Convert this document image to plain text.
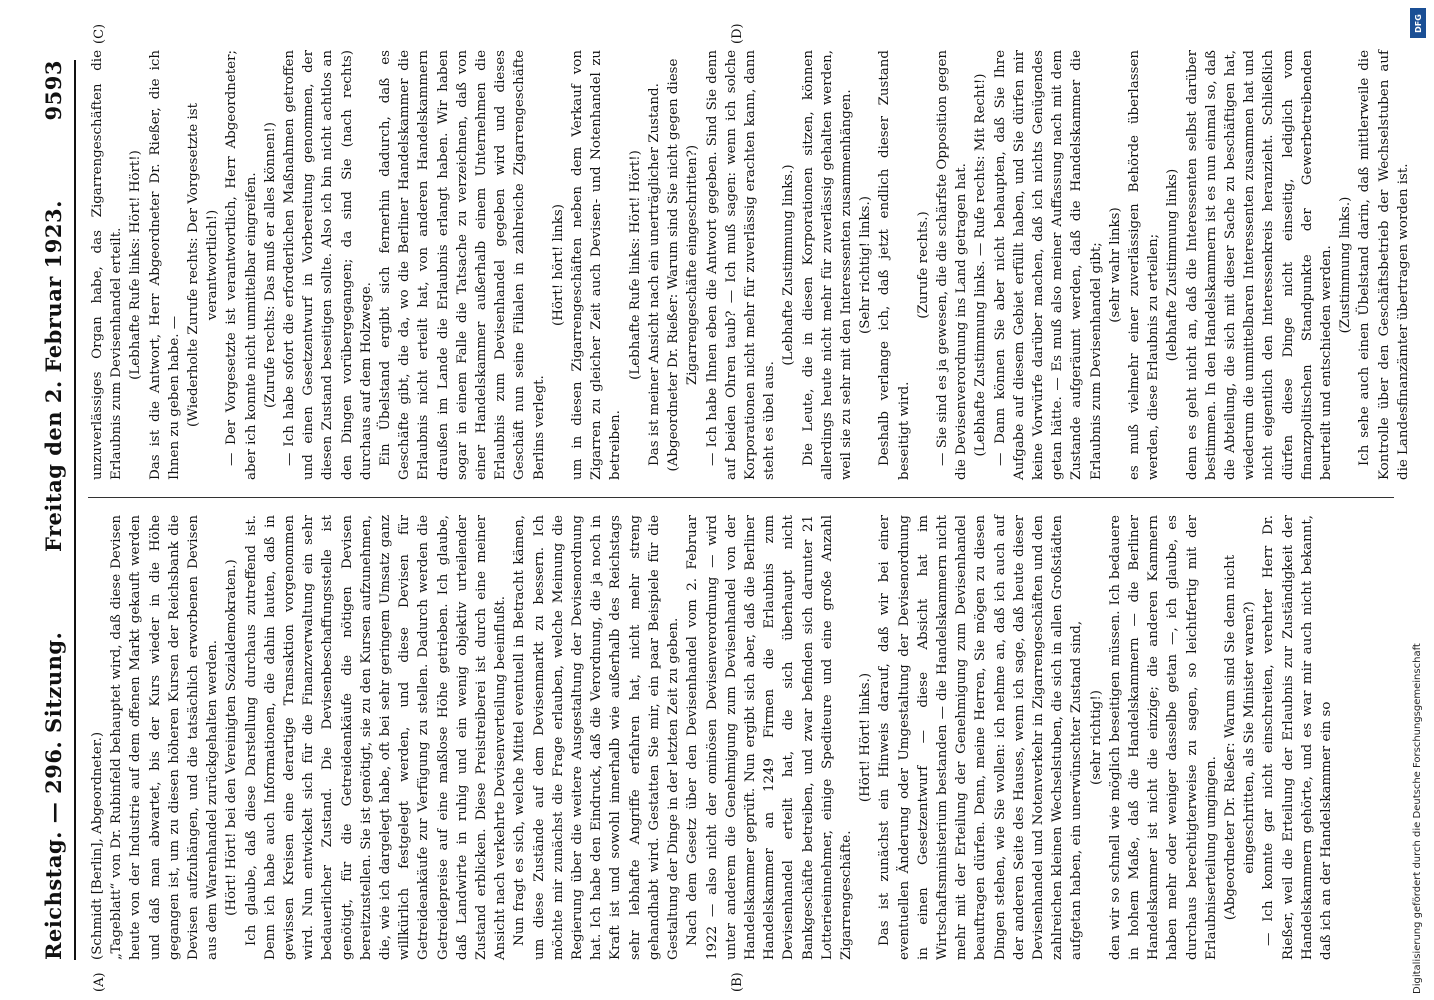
Reichstag. — 296. Sitzung.
Freitag den 2. Februar 1923.
9593
(A)	(B)
(C)	(D)

(Schmidt [Berlin], Abgeordneter.) „Tageblatt“ von Dr. Rubinfeld behauptet wird, daß diese Devisen heute von der Industrie auf dem offenen Markt gekauft werden und daß man abwartet, bis der Kurs wieder in die Höhe gegangen ist, um zu diesen höheren Kursen der Reichsbank die Devisen aufzuhängen, und die tatsächlich erworbenen Devisen aus dem Warenhandel zurückgehalten werden. (Hört! Hört! bei den Vereinigten Sozialdemokraten.) Ich glaube, daß diese Darstellung durchaus zutreffend ist. Denn ich habe auch Informationen, die dahin lauten, daß in gewissen Kreisen eine derartige Transaktion vorgenommen wird. Nun entwickelt sich für die Finanzverwaltung ein sehr bedauerlicher Zustand. Die Devisenbeschaffungsstelle ist genötigt, für die Getreideankäufe die nötigen Devisen bereitzustellen. Sie ist genötigt, sie zu den Kursen aufzunehmen, die, wie ich dargelegt habe, oft bei sehr geringem Umsatz ganz willkürlich festgelegt werden, und diese Devisen für Getreideankäufe zur Verfügung zu stellen. Dadurch werden die Getreidepreise auf eine maßlose Höhe getrieben. Ich glaube, daß Landwirte in ruhig und ein wenig objektiv urteilender Zustand erblicken. Diese Preistreiberei ist durch eine meiner Ansicht nach verkehrte Devisenverteilung beeinflußt. Nun fragt es sich, welche Mittel eventuell in Betracht kämen, um diese Zustände auf dem Devisenmarkt zu bessern. Ich möchte mir zunächst die Frage erlauben, welche Meinung die Regierung über die weitere Ausgestaltung der Devisenordnung hat. Ich habe den Eindruck, daß die Verordnung, die ja noch in Kraft ist und sowohl innerhalb wie außerhalb des Reichstags sehr lebhafte Angriffe erfahren hat, nicht mehr streng gehandhabt wird. Gestatten Sie mir, ein paar Beispiele für die Gestaltung der Dinge in der letzten Zeit zu geben. Nach dem Gesetz über den Devisenhandel vom 2. Februar 1922 — also nicht der ominösen Devisenverordnung — wird unter anderem die Genehmigung zum Devisenhandel von der Handelskammer geprüft. Nun ergibt sich aber, daß die Berliner Handelskammer an 1249 Firmen die Erlaubnis zum Devisenhandel erteilt hat, die sich überhaupt nicht Bankgeschäfte betreiben, und zwar befinden sich darunter 21 Lotterieeinnehmer, einige Spediteure und eine große Anzahl Zigarrengeschäfte.

(Hört! Hört! links.) Das ist zunächst ein Hinweis darauf, daß wir bei einer eventuellen Änderung oder Umgestaltung der Devisenordnung in einen Gesetzentwurf — diese Absicht hat im Wirtschaftsministerium bestanden — die Handelskammern nicht mehr mit der Erteilung der Genehmigung zum Devisenhandel beauftragen dürfen. Denn, meine Herren, Sie mögen zu diesen Dingen stehen, wie Sie wollen: ich nehme an, daß ich auch auf der anderen Seite des Hauses, wenn ich sage, daß heute dieser Devisenhandel und Notenverkehr in Zigarrengeschäften und den zahlreichen kleinen Wechselstuben, die sich in allen Großstädten aufgetan haben, ein unerwünschter Zustand sind, (sehr richtig!) den wir so schnell wie möglich beseitigen müssen. Ich bedauere in hohem Maße, daß die Handelskammern — die Berliner Handelskammer ist nicht die einzige; die anderen Kammern haben mehr oder weniger dasselbe getan —, ich glaube, es durchaus berechtigterweise zu sagen, so leichtfertig mit der Erlaubniserteilung umgingen. (Abgeordneter Dr. Rießer: Warum sind Sie denn nicht eingeschritten, als Sie Minister waren?) — Ich konnte gar nicht einschreiten, verehrter Herr Dr. Rießer, weil die Erteilung der Erlaubnis zur Zuständigkeit der Handelskammern gehörte, und es war mir auch nicht bekannt, daß ich an der Handelskammer ein so

unzuverlässiges Organ habe, das Zigarrengeschäften die Erlaubnis zum Devisenhandel erteilt. (Lebhafte Rufe links: Hört! Hört!) Das ist die Antwort, Herr Abgeordneter Dr. Rießer, die ich Ihnen zu geben habe. — (Wiederholte Zurufe rechts: Der Vorgesetzte ist verantwortlich!) — Der Vorgesetzte ist verantwortlich, Herr Abgeordneter; aber ich konnte nicht unmittelbar eingreifen. (Zurufe rechts: Das muß er alles können!) — Ich habe sofort die erforderlichen Maßnahmen getroffen und einen Gesetzentwurf in Vorbereitung genommen, der diesen Zustand beseitigen sollte. Also ich bin nicht achtlos an den Dingen vorübergegangen; da sind Sie (nach rechts) durchaus auf dem Holzwege. Ein Übelstand ergibt sich fernerhin dadurch, daß es Geschäfte gibt, die da, wo die Berliner Handelskammer die Erlaubnis nicht erteilt hat, von anderen Handelskammern draußen im Lande die Erlaubnis erlangt haben. Wir haben sogar in einem Falle die Tatsache zu verzeichnen, daß von einer Handelskammer außerhalb einem Unternehmen die Erlaubnis zum Devisenhandel gegeben wird und dieses Geschäft nun seine Filialen in zahlreiche Zigarrengeschäfte Berlins verlegt.

(Hört! hört! links) um in diesen Zigarrengeschäften neben dem Verkauf von Zigarren zu gleicher Zeit auch Devisen- und Notenhandel zu betreiben.

(Lebhafte Rufe links: Hört! Hört!) Das ist meiner Ansicht nach ein unerträglicher Zustand. (Abgeordneter Dr. Rießer: Warum sind Sie nicht gegen diese Zigarrengeschäfte eingeschritten?) — Ich habe Ihnen eben die Antwort gegeben. Sind Sie denn auf beiden Ohren taub? — Ich muß sagen: wenn ich solche Korporationen nicht mehr für zuverlässig erachten kann, dann steht es übel aus.

(Lebhafte Zustimmung links.) Die Leute, die in diesen Korporationen sitzen, können allerdings heute nicht mehr für zuverlässig gehalten werden, weil sie zu sehr mit den Interessenten zusammenhängen. (Sehr richtig! links.) Deshalb verlange ich, daß jetzt endlich dieser Zustand beseitigt wird.

(Zurufe rechts.) — Sie sind es ja gewesen, die die schärfste Opposition gegen die Devisenverordnung ins Land getragen hat. (Lebhafte Zustimmung links. — Rufe rechts: Mit Recht!) — Dann können Sie aber nicht behaupten, daß Sie Ihre Aufgabe auf diesem Gebiet erfüllt haben, und Sie dürfen mir keine Vorwürfe darüber machen, daß ich nichts Genügendes getan hätte. — Es muß also meiner Auffassung nach mit dem Zustande aufgeräumt werden, daß die Handelskammer die Erlaubnis zum Devisenhandel gibt; (sehr wahr links) es muß vielmehr einer zuverlässigen Behörde überlassen werden, diese Erlaubnis zu erteilen; (lebhafte Zustimmung links) denn es geht nicht an, daß die Interessenten selbst darüber bestimmen. In den Handelskammern ist es nun einmal so, daß die Abteilung, die sich mit dieser Sache zu beschäftigen hat, wiederum die unmittelbaren Interessenten zusammen hat und nicht eigentlich den Interessenkreis heranzieht. Schließlich dürfen diese Dinge nicht einseitig, lediglich vom finanzpolitischen Standpunkte der Gewerbetreibenden beurteilt und entschieden werden. (Zustimmung links.) Ich sehe auch einen Übelstand darin, daß mittlerweile die Kontrolle über den Geschäftsbetrieb der Wechselstuben auf die Landesfinanzämter übertragen worden ist.

DFG
Digitalisierung gefördert durch die Deutsche Forschungsgemeinschaft
